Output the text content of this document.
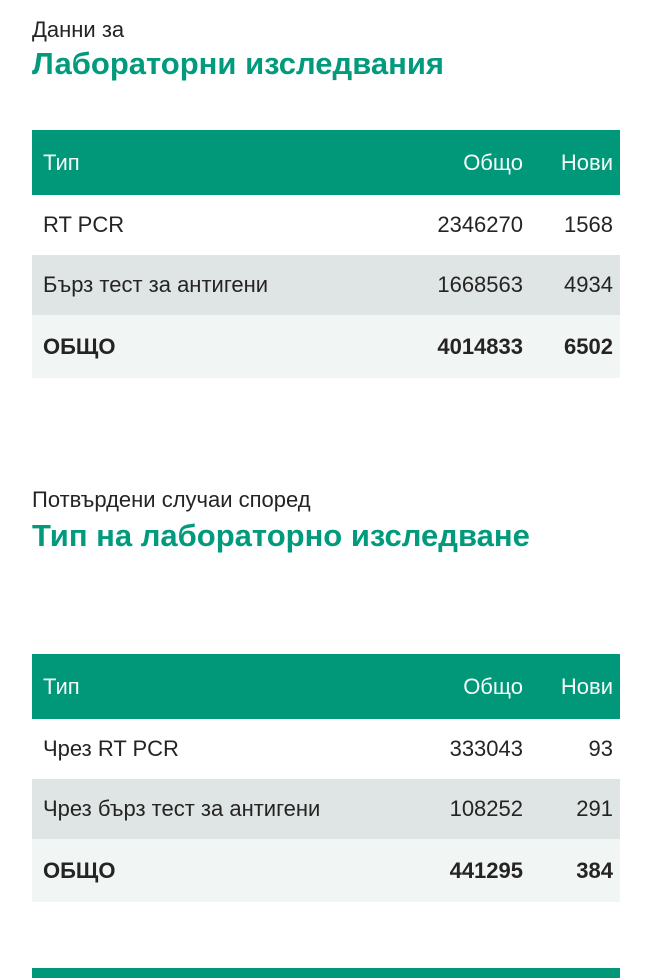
Данни за
Лабораторни изследвания
Тип	Общо	Нови
RT PCR	2346270	1568
Бърз тест за антигени	1668563	4934
ОБЩО	4014833	6502
Потвърдени случаи според
Тип на лабораторно изследване
Тип	Общо	Нови
Чрез RT PCR	333043	93
Чрез бърз тест за антигени	108252	291
ОБЩО	441295	384
